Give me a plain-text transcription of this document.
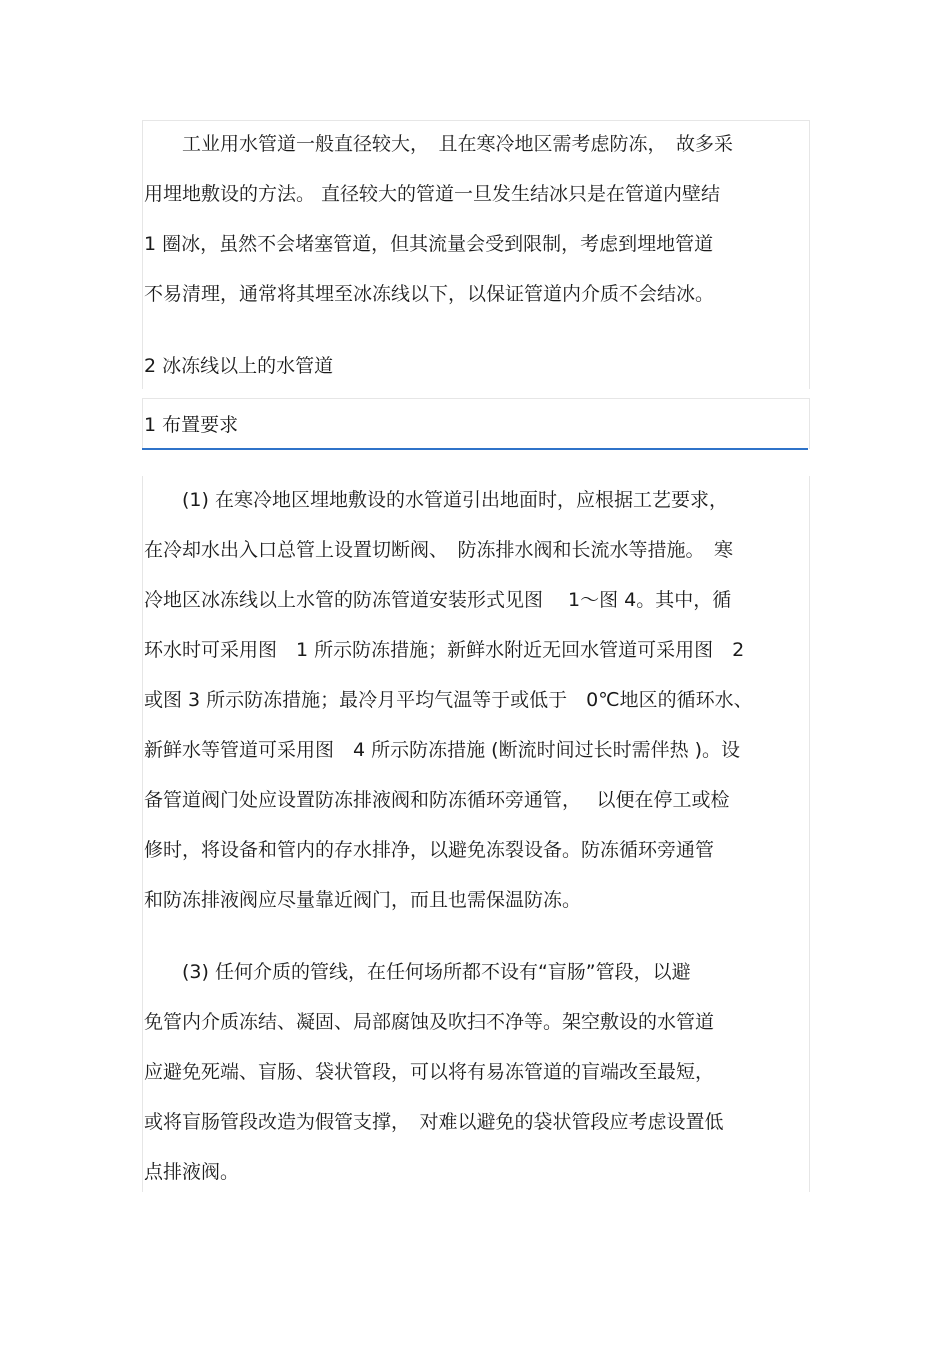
　　工业用水管道一般直径较大，　且在寒冷地区需考虑防冻，　故多采
用埋地敷设的方法。 直径较大的管道一旦发生结冰只是在管道内壁结
1 圈冰，虽然不会堵塞管道，但其流量会受到限制，考虑到埋地管道
不易清理，通常将其埋至冰冻线以下，以保证管道内介质不会结冰。
2 冰冻线以上的水管道
1 布置要求
　　(1) 在寒冷地区埋地敷设的水管道引出地面时，应根据工艺要求，
在冷却水出入口总管上设置切断阀、　防冻排水阀和长流水等措施。　寒
冷地区冰冻线以上水管的防冻管道安装形式见图　 1～图 4。其中，循
环水时可采用图　1 所示防冻措施；新鲜水附近无回水管道可采用图　2
或图 3 所示防冻措施；最冷月平均气温等于或低于　0℃地区的循环水、
新鲜水等管道可采用图　4 所示防冻措施 (断流时间过长时需伴热 )。设
备管道阀门处应设置防冻排液阀和防冻循环旁通管，　 以便在停工或检
修时，将设备和管内的存水排净，以避免冻裂设备。防冻循环旁通管
和防冻排液阀应尽量靠近阀门，而且也需保温防冻。
　　(3) 任何介质的管线，在任何场所都不设有“盲肠”管段，以避
免管内介质冻结、凝固、局部腐蚀及吹扫不净等。架空敷设的水管道
应避免死端、盲肠、袋状管段，可以将有易冻管道的盲端改至最短，
或将盲肠管段改造为假管支撑，　对难以避免的袋状管段应考虑设置低
点排液阀。
